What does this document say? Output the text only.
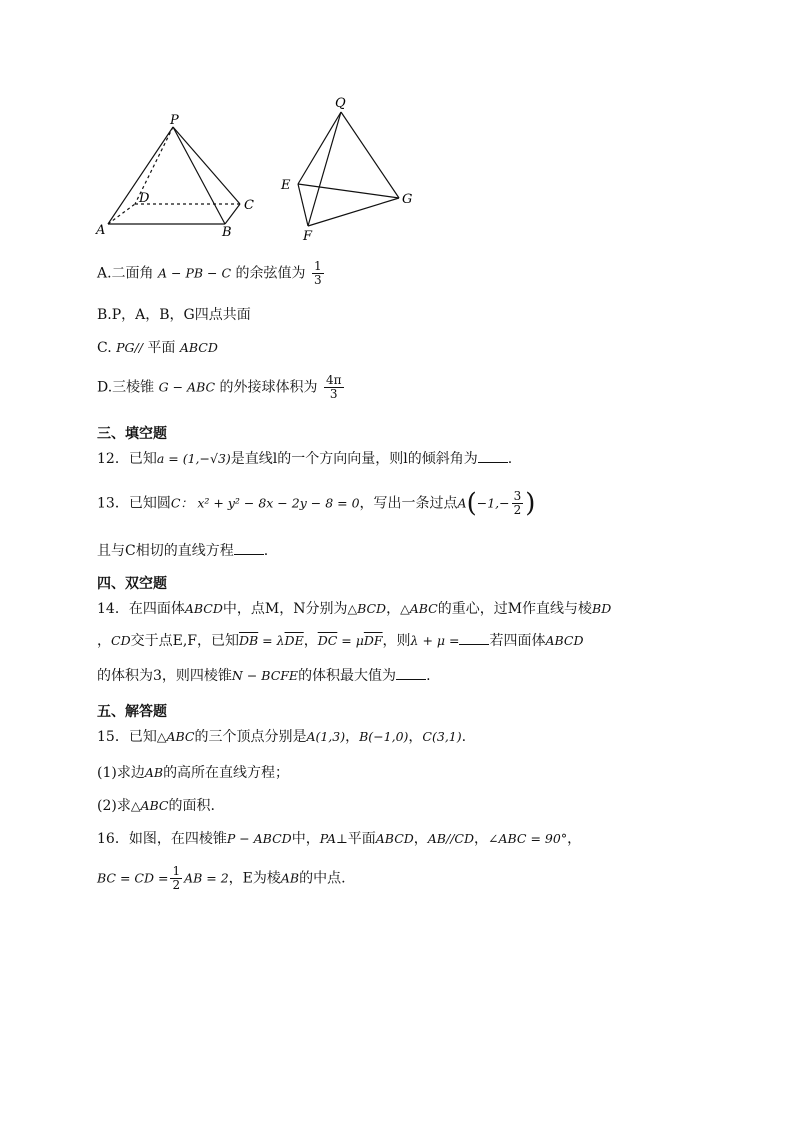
P
D	C
A	B
Q
E
G
F
A.二面角 A − PB − C 的余弦值为 $\frac{1}{3}$
B.P，A，B，G四点共面
C. PG// 平面 ABCD
D.三棱锥 G − ABC 的外接球体积为 $\frac{4\pi}{3}$
三、填空题
12．已知a = (1,−√3)是直线l的一个方向向量，则l的倾斜角为 .
13．已知圆C： x² + y² − 8x − 2y − 8 = 0，写出一条过点$A(-1,- \frac{3}{2}$ )
且与C相切的直线方程 .
四、双空题
14．在四面体ABCD中，点M，N分别为△BCD，△ABC的重心，过M作直线与棱BD
，CD交于点E,F，已知$\overline{DB} = \lambda\overline{DE}$，$\overline{DC} = \mu\overline{DF}$，则λ + μ = 若四面体ABCD
的体积为3，则四棱锥N − BCFE的体积最大值为 .
五、解答题
15．已知△ABC的三个顶点分别是A(1,3)，B(−1,0)，C(3,1).
(1)求边AB的高所在直线方程；
(2)求△ABC的面积.
16．如图，在四棱锥P − ABCD中，PA⊥平面ABCD，AB//CD，∠ABC = 90°，
BC = CD = $\frac{1}{2}$ AB = 2，E为棱AB的中点.
